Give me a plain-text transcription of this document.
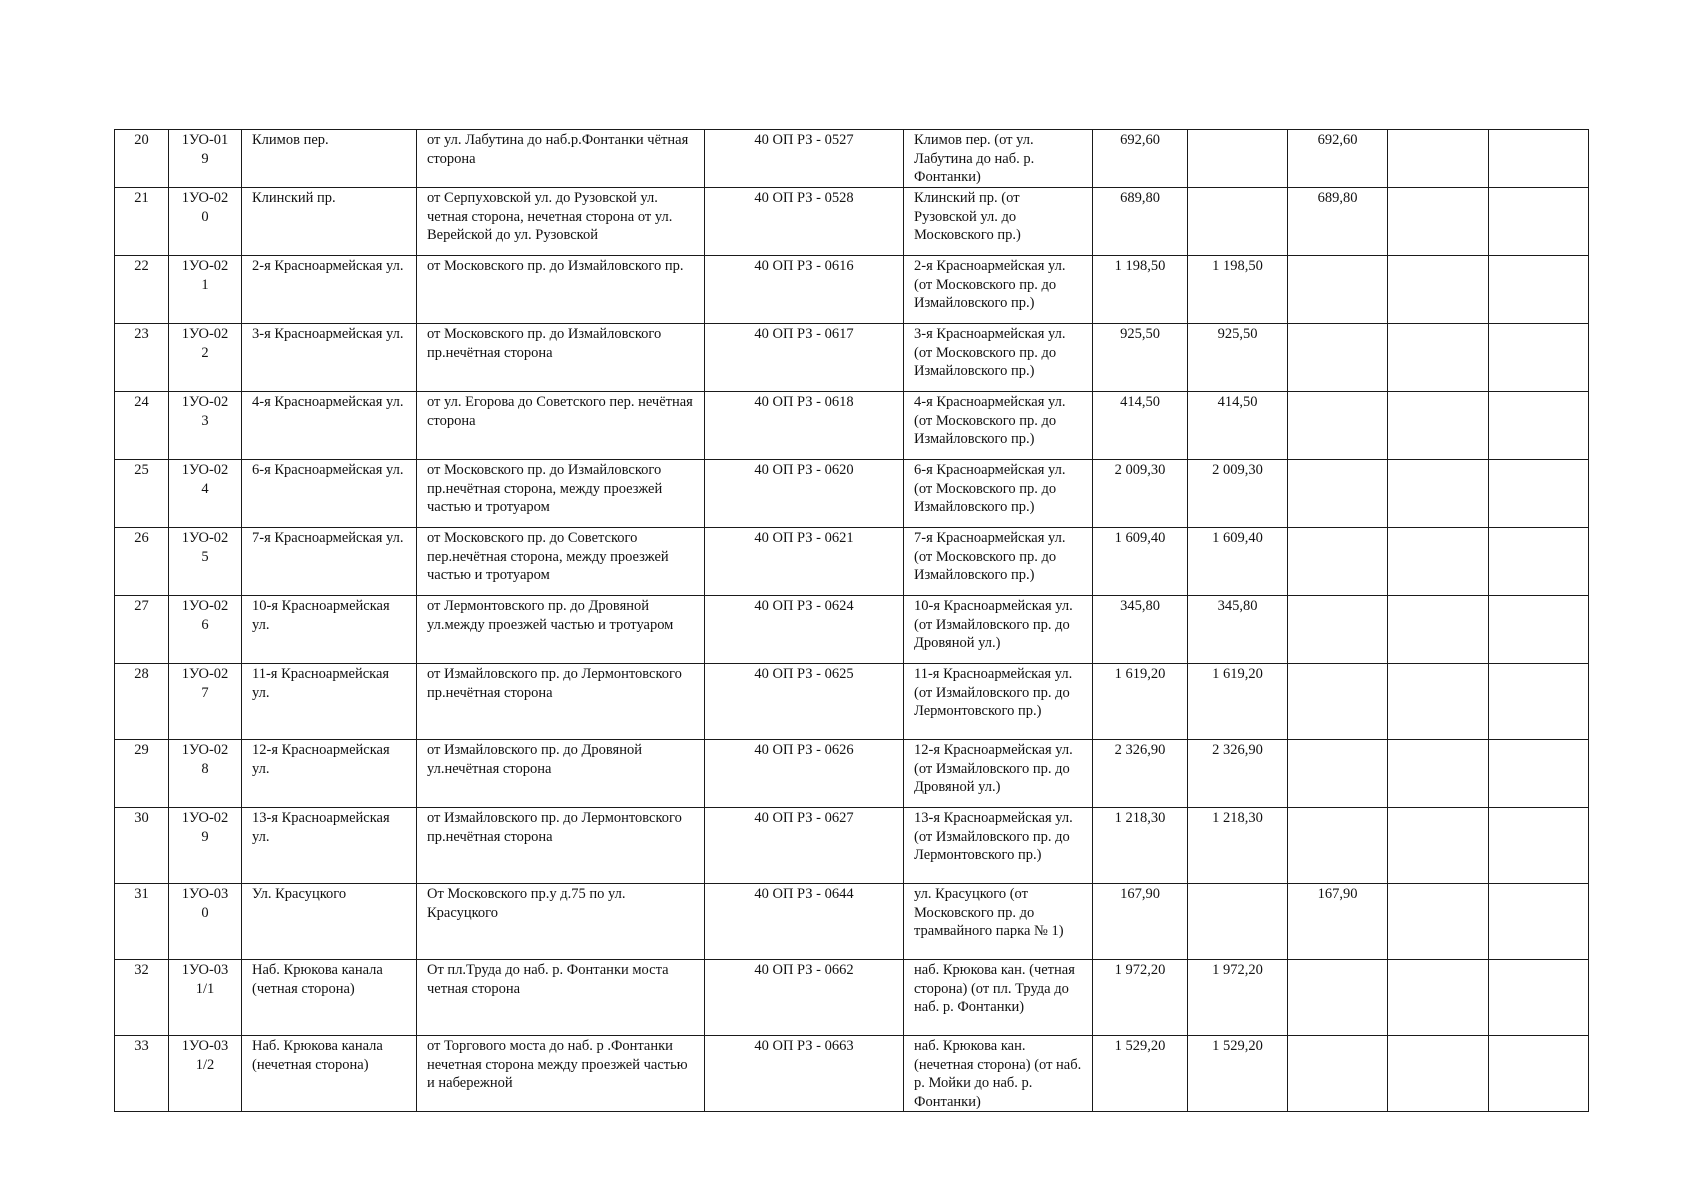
20	1УО-019	Климов пер.	от ул. Лабутина до наб.р.Фонтанки чётная сторона	40 ОП РЗ - 0527	Климов пер. (от ул. Лабутина до наб. р. Фонтанки)	692,60		692,60		
21	1УО-020	Клинский пр.	от Серпуховской ул. до Рузовской ул. четная сторона, нечетная сторона от ул. Верейской до ул. Рузовской	40 ОП РЗ - 0528	Клинский пр. (от Рузовской ул. до Московского пр.)	689,80		689,80		
22	1УО-021	2-я Красноармейская ул.	от Московского пр. до Измайловского пр.	40 ОП РЗ - 0616	2-я Красноармейская ул. (от Московского пр. до Измайловского пр.)	1 198,50	1 198,50			
23	1УО-022	3-я Красноармейская ул.	от Московского пр. до Измайловского пр.нечётная сторона	40 ОП РЗ - 0617	3-я Красноармейская ул. (от Московского пр. до Измайловского пр.)	925,50	925,50			
24	1УО-023	4-я Красноармейская ул.	от ул. Егорова до Советского пер. нечётная сторона	40 ОП РЗ - 0618	4-я Красноармейская ул. (от Московского пр. до Измайловского пр.)	414,50	414,50			
25	1УО-024	6-я Красноармейская ул.	от Московского пр. до Измайловского пр.нечётная сторона, между проезжей частью и тротуаром	40 ОП РЗ - 0620	6-я Красноармейская ул. (от Московского пр. до Измайловского пр.)	2 009,30	2 009,30			
26	1УО-025	7-я Красноармейская ул.	от Московского пр. до Советского пер.нечётная сторона, между проезжей частью и тротуаром	40 ОП РЗ - 0621	7-я Красноармейская ул. (от Московского пр. до Измайловского пр.)	1 609,40	1 609,40			
27	1УО-026	10-я Красноармейская ул.	от Лермонтовского пр. до Дровяной ул.между проезжей частью и тротуаром	40 ОП РЗ - 0624	10-я Красноармейская ул. (от Измайловского пр. до Дровяной ул.)	345,80	345,80			
28	1УО-027	11-я Красноармейская ул.	от Измайловского пр. до Лермонтовского пр.нечётная сторона	40 ОП РЗ - 0625	11-я Красноармейская ул. (от Измайловского пр. до Лермонтовского пр.)	1 619,20	1 619,20			
29	1УО-028	12-я Красноармейская ул.	от Измайловского пр. до Дровяной ул.нечётная сторона	40 ОП РЗ - 0626	12-я Красноармейская ул. (от Измайловского пр. до Дровяной ул.)	2 326,90	2 326,90			
30	1УО-029	13-я Красноармейская ул.	от Измайловского пр. до Лермонтовского пр.нечётная сторона	40 ОП РЗ - 0627	13-я Красноармейская ул. (от Измайловского пр. до Лермонтовского пр.)	1 218,30	1 218,30			
31	1УО-030	Ул. Красуцкого	От Московского пр.у д.75 по ул. Красуцкого	40 ОП РЗ - 0644	ул. Красуцкого (от Московского пр. до трамвайного парка № 1)	167,90		167,90		
32	1УО-031/1	Наб. Крюкова канала (четная сторона)	От пл.Труда до наб. р. Фонтанки моста четная сторона	40 ОП РЗ - 0662	наб. Крюкова кан. (четная сторона) (от пл. Труда до наб. р. Фонтанки)	1 972,20	1 972,20			
33	1УО-031/2	Наб. Крюкова канала (нечетная сторона)	от Торгового моста до наб. р .Фонтанки нечетная сторона между проезжей частью и набережной	40 ОП РЗ - 0663	наб. Крюкова кан. (нечетная сторона) (от наб. р. Мойки до наб. р. Фонтанки)	1 529,20	1 529,20			
